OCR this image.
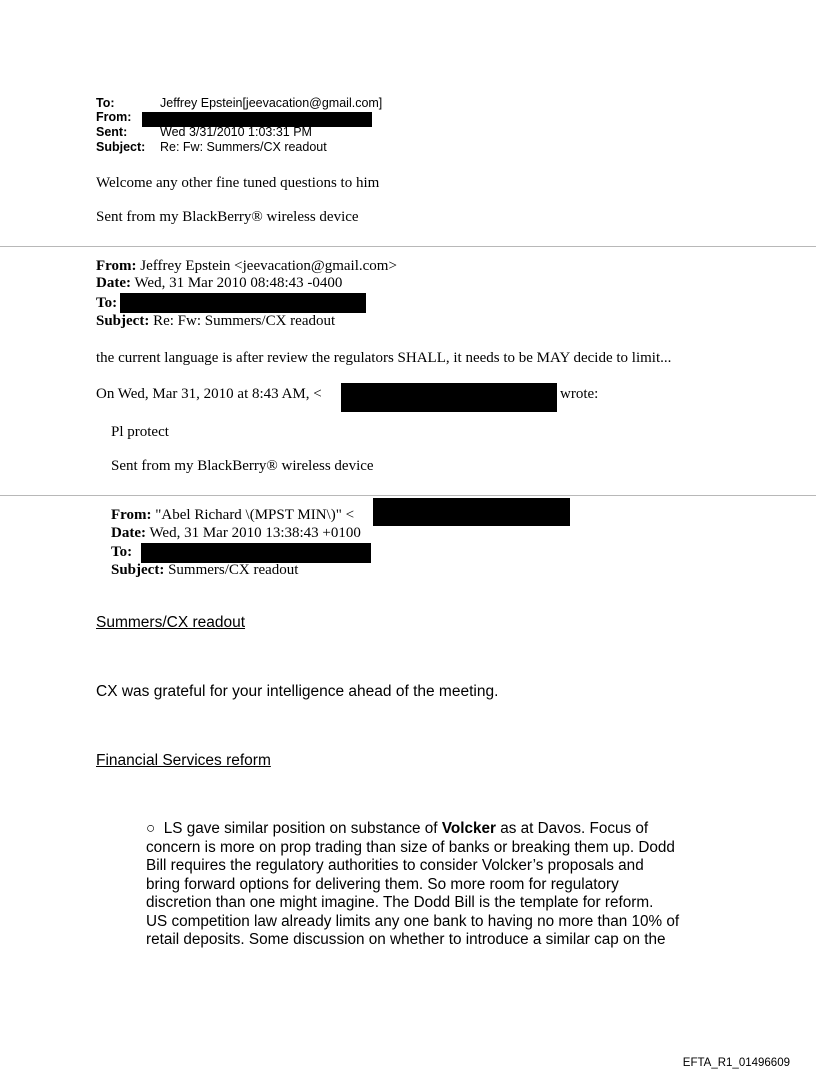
To:	Jeffrey Epstein[jeevacation@gmail.com]
From:
Sent:	Wed 3/31/2010 1:03:31 PM
Subject: Re: Fw: Summers/CX readout
Welcome any other fine tuned questions to him
Sent from my BlackBerry® wireless device
From: Jeffrey Epstein <jeevacation@gmail.com>
Date: Wed, 31 Mar 2010 08:48:43 -0400
To:
Subject: Re: Fw: Summers/CX readout
the current language is after review the regulators SHALL, it needs to be MAY decide to limit...
On Wed, Mar 31, 2010 at 8:43 AM, <	wrote:
Pl protect
Sent from my BlackBerry® wireless device
From: "Abel Richard \(MPST MIN\)" <
Date: Wed, 31 Mar 2010 13:38:43 +0100
To:
Subject: Summers/CX readout
Summers/CX readout
CX was grateful for your intelligence ahead of the meeting.
Financial Services reform
○ LS gave similar position on substance of Volcker as at Davos. Focus of
concern is more on prop trading than size of banks or breaking them up. Dodd
Bill requires the regulatory authorities to consider Volcker’s proposals and
bring forward options for delivering them. So more room for regulatory
discretion than one might imagine. The Dodd Bill is the template for reform.
US competition law already limits any one bank to having no more than 10% of
retail deposits. Some discussion on whether to introduce a similar cap on the
EFTA_R1_01496609
